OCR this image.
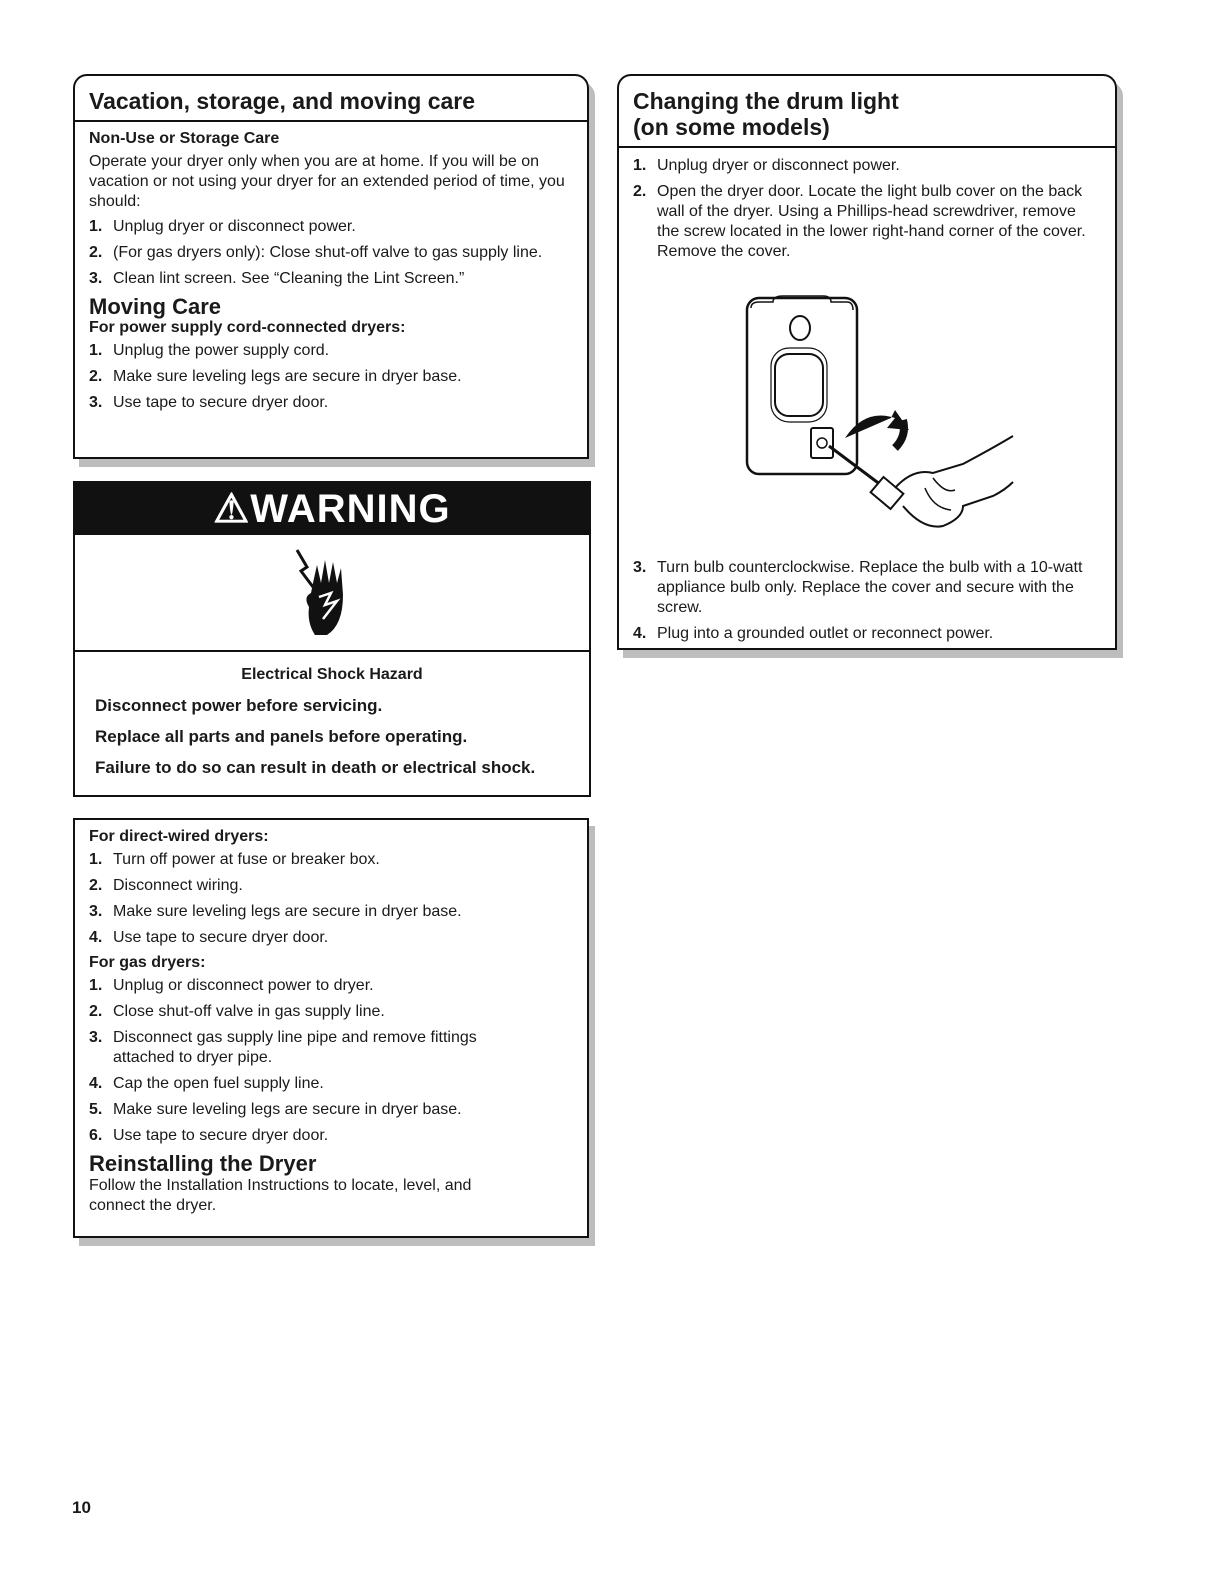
Vacation, storage, and moving care
Non-Use or Storage Care

Operate your dryer only when you are at home. If you will be on vacation or not using your dryer for an extended period of time, you should:

1. Unplug dryer or disconnect power.
2. (For gas dryers only): Close shut-off valve to gas supply line.
3. Clean lint screen. See “Cleaning the Lint Screen.”
Moving Care
For power supply cord-connected dryers:
1. Unplug the power supply cord.
2. Make sure leveling legs are secure in dryer base.
3. Use tape to secure dryer door.
⚠WARNING

Electrical Shock Hazard

Disconnect power before servicing.

Replace all parts and panels before operating.

Failure to do so can result in death or electrical shock.

For direct-wired dryers:
1. Turn off power at fuse or breaker box.
2. Disconnect wiring.
3. Make sure leveling legs are secure in dryer base.
4. Use tape to secure dryer door.
For gas dryers:
1. Unplug or disconnect power to dryer.
2. Close shut-off valve in gas supply line.
3. Disconnect gas supply line pipe and remove fittings attached to dryer pipe.
4. Cap the open fuel supply line.
5. Make sure leveling legs are secure in dryer base.
6. Use tape to secure dryer door.
Reinstalling the Dryer

Follow the Installation Instructions to locate, level, and connect the dryer.

Changing the drum light
(on some models)
1. Unplug dryer or disconnect power.
2. Open the dryer door. Locate the light bulb cover on the back wall of the dryer. Using a Phillips-head screwdriver, remove the screw located in the lower right-hand corner of the cover. Remove the cover.
3. Turn bulb counterclockwise. Replace the bulb with a 10-watt appliance bulb only. Replace the cover and secure with the screw.
4. Plug into a grounded outlet or reconnect power.
10
